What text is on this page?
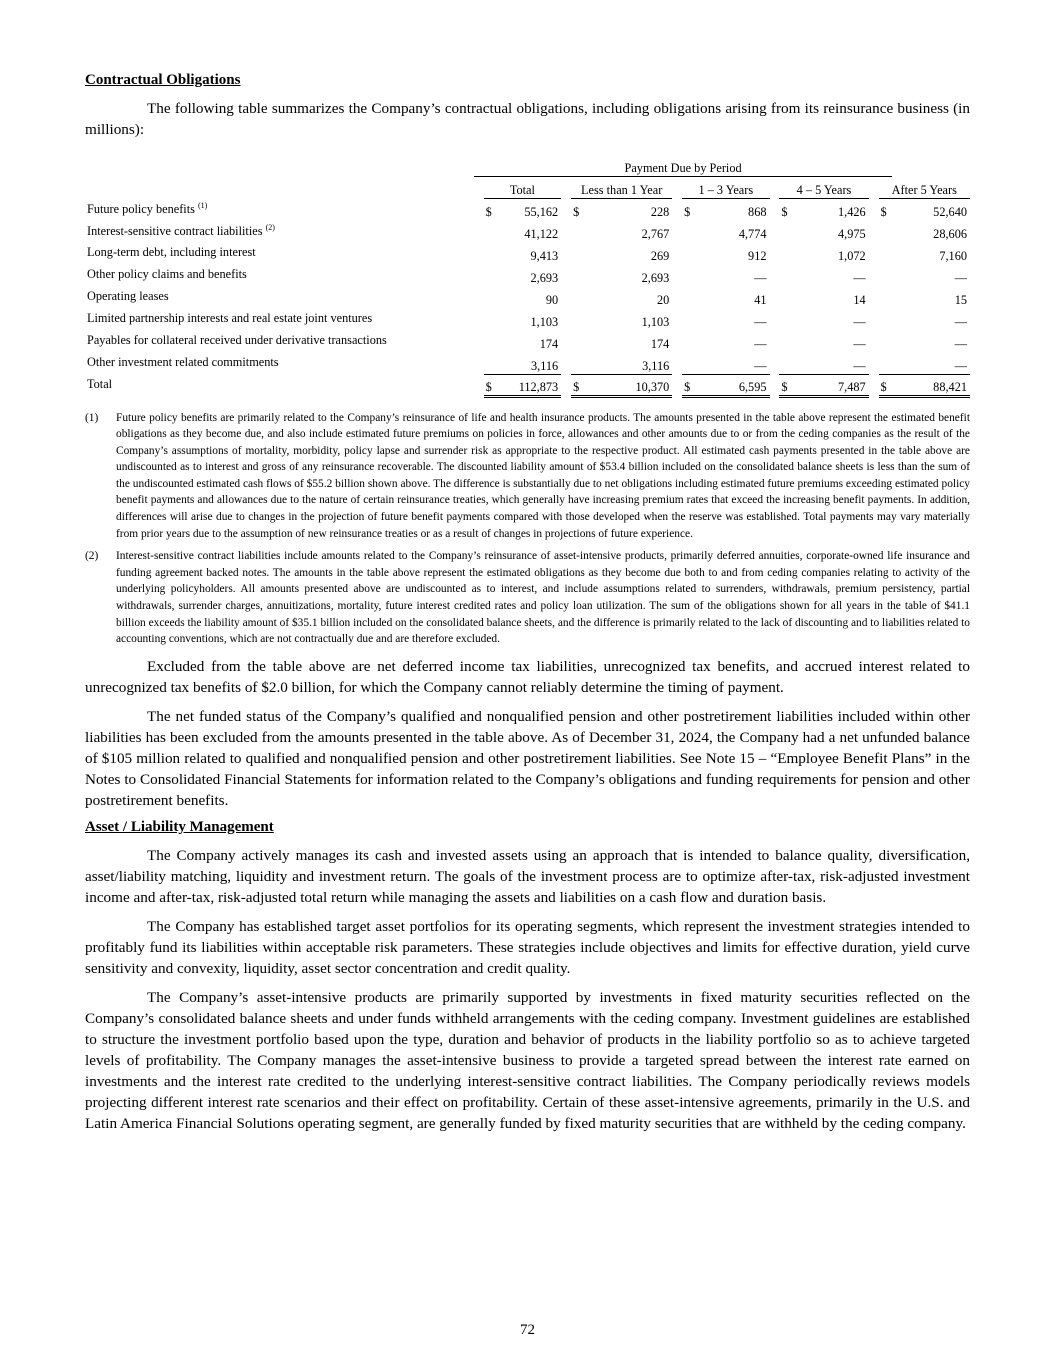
Contractual Obligations

The following table summarizes the Company’s contractual obligations, including obligations arising from its reinsurance business (in millions):

	Payment Due by Period														
		Total			Less than 1 Year			1 – 3 Years			4 – 5 Years			After 5 Years	
Future policy benefits $^{(1)}$		$	55,162		$	228		$	868		$	1,426		$	52,640
Interest-sensitive contract liabilities $^{(2)}$			41,122			2,767			4,774			4,975			28,606
Long-term debt, including interest			9,413			269			912			1,072			7,160
Other policy claims and benefits			2,693			2,693			—			—			—
Operating leases			90			20			41			14			15
Limited partnership interests and real estate joint ventures			1,103			1,103			—			—			—
Payables for collateral received under derivative transactions			174			174			—			—			—
Other investment related commitments			3,116			3,116			—			—			—
Total		$	112,873		$	10,370		$	6,595		$	7,487		$	88,421
(1)	Future policy benefits are primarily related to the Company’s reinsurance of life and health insurance products. The amounts presented in the table above represent the estimated benefit obligations as they become due, and also include estimated future premiums on policies in force, allowances and other amounts due to or from the ceding companies as the result of the Company’s assumptions of mortality, morbidity, policy lapse and surrender risk as appropriate to the respective product. All estimated cash payments presented in the table above are undiscounted as to interest and gross of any reinsurance recoverable. The discounted liability amount of $53.4 billion included on the consolidated balance sheets is less than the sum of the undiscounted estimated cash flows of $55.2 billion shown above. The difference is substantially due to net obligations including estimated future premiums exceeding estimated policy benefit payments and allowances due to the nature of certain reinsurance treaties, which generally have increasing premium rates that exceed the increasing benefit payments. In addition, differences will arise due to changes in the projection of future benefit payments compared with those developed when the reserve was established. Total payments may vary materially from prior years due to the assumption of new reinsurance treaties or as a result of changes in projections of future experience.
(2)	Interest-sensitive contract liabilities include amounts related to the Company’s reinsurance of asset-intensive products, primarily deferred annuities, corporate-owned life insurance and funding agreement backed notes. The amounts in the table above represent the estimated obligations as they become due both to and from ceding companies relating to activity of the underlying policyholders. All amounts presented above are undiscounted as to interest, and include assumptions related to surrenders, withdrawals, premium persistency, partial withdrawals, surrender charges, annuitizations, mortality, future interest credited rates and policy loan utilization. The sum of the obligations shown for all years in the table of $41.1 billion exceeds the liability amount of $35.1 billion included on the consolidated balance sheets, and the difference is primarily related to the lack of discounting and to liabilities related to accounting conventions, which are not contractually due and are therefore excluded.

Excluded from the table above are net deferred income tax liabilities, unrecognized tax benefits, and accrued interest related to unrecognized tax benefits of $2.0 billion, for which the Company cannot reliably determine the timing of payment.

The net funded status of the Company’s qualified and nonqualified pension and other postretirement liabilities included within other liabilities has been excluded from the amounts presented in the table above. As of December 31, 2024, the Company had a net unfunded balance of $105 million related to qualified and nonqualified pension and other postretirement liabilities. See Note 15 – “Employee Benefit Plans” in the Notes to Consolidated Financial Statements for information related to the Company’s obligations and funding requirements for pension and other postretirement benefits.

Asset / Liability Management

The Company actively manages its cash and invested assets using an approach that is intended to balance quality, diversification, asset/liability matching, liquidity and investment return. The goals of the investment process are to optimize after-tax, risk-adjusted investment income and after-tax, risk-adjusted total return while managing the assets and liabilities on a cash flow and duration basis.

The Company has established target asset portfolios for its operating segments, which represent the investment strategies intended to profitably fund its liabilities within acceptable risk parameters. These strategies include objectives and limits for effective duration, yield curve sensitivity and convexity, liquidity, asset sector concentration and credit quality.

The Company’s asset-intensive products are primarily supported by investments in fixed maturity securities reflected on the Company’s consolidated balance sheets and under funds withheld arrangements with the ceding company. Investment guidelines are established to structure the investment portfolio based upon the type, duration and behavior of products in the liability portfolio so as to achieve targeted levels of profitability. The Company manages the asset-intensive business to provide a targeted spread between the interest rate earned on investments and the interest rate credited to the underlying interest-sensitive contract liabilities. The Company periodically reviews models projecting different interest rate scenarios and their effect on profitability. Certain of these asset-intensive agreements, primarily in the U.S. and Latin America Financial Solutions operating segment, are generally funded by fixed maturity securities that are withheld by the ceding company.

72
